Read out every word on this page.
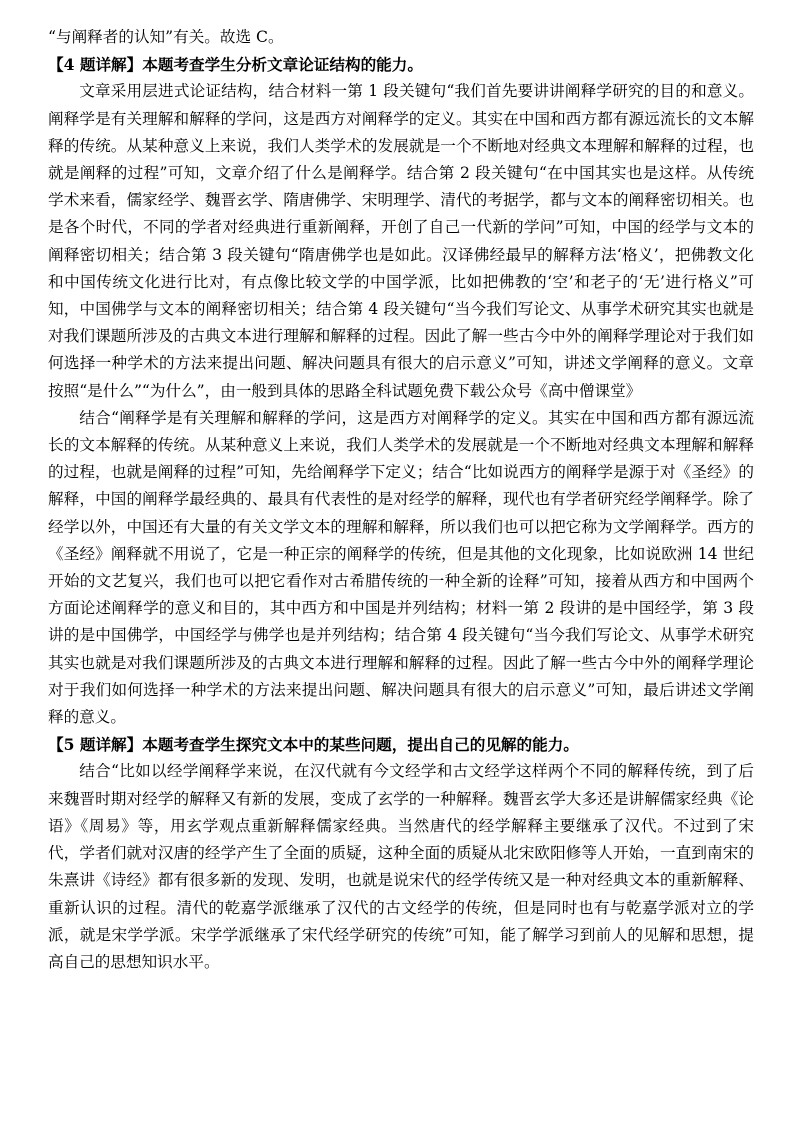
“与阐释者的认知”有关。故选 C。

【4 题详解】本题考查学生分析文章论证结构的能力。

文章采用层进式论证结构，结合材料一第 1 段关键句“我们首先要讲讲阐释学研究的目的和意义。阐释学是有关理解和解释的学问，这是西方对阐释学的定义。其实在中国和西方都有源远流长的文本解释的传统。从某种意义上来说，我们人类学术的发展就是一个不断地对经典文本理解和解释的过程，也就是阐释的过程”可知，文章介绍了什么是阐释学。结合第 2 段关键句“在中国其实也是这样。从传统学术来看，儒家经学、魏晋玄学、隋唐佛学、宋明理学、清代的考据学，都与文本的阐释密切相关。也是各个时代，不同的学者对经典进行重新阐释，开创了自己一代新的学问”可知，中国的经学与文本的阐释密切相关；结合第 3 段关键句“隋唐佛学也是如此。汉译佛经最早的解释方法‘格义’，把佛教文化和中国传统文化进行比对，有点像比较文学的中国学派，比如把佛教的‘空’和老子的‘无’进行格义”可知，中国佛学与文本的阐释密切相关；结合第 4 段关键句“当今我们写论文、从事学术研究其实也就是对我们课题所涉及的古典文本进行理解和解释的过程。因此了解一些古今中外的阐释学理论对于我们如何选择一种学术的方法来提出问题、解决问题具有很大的启示意义”可知，讲述文学阐释的意义。文章按照“是什么”“为什么”，由一般到具体的思路全科试题免费下载公众号《高中僧课堂》

结合“阐释学是有关理解和解释的学问，这是西方对阐释学的定义。其实在中国和西方都有源远流长的文本解释的传统。从某种意义上来说，我们人类学术的发展就是一个不断地对经典文本理解和解释的过程，也就是阐释的过程”可知，先给阐释学下定义；结合“比如说西方的阐释学是源于对《圣经》的解释，中国的阐释学最经典的、最具有代表性的是对经学的解释，现代也有学者研究经学阐释学。除了经学以外，中国还有大量的有关文学文本的理解和解释，所以我们也可以把它称为文学阐释学。西方的《圣经》阐释就不用说了，它是一种正宗的阐释学的传统，但是其他的文化现象，比如说欧洲 14 世纪开始的文艺复兴，我们也可以把它看作对古希腊传统的一种全新的诠释”可知，接着从西方和中国两个方面论述阐释学的意义和目的，其中西方和中国是并列结构；材料一第 2 段讲的是中国经学，第 3 段讲的是中国佛学，中国经学与佛学也是并列结构；结合第 4 段关键句“当今我们写论文、从事学术研究其实也就是对我们课题所涉及的古典文本进行理解和解释的过程。因此了解一些古今中外的阐释学理论对于我们如何选择一种学术的方法来提出问题、解决问题具有很大的启示意义”可知，最后讲述文学阐释的意义。

【5 题详解】本题考查学生探究文本中的某些问题，提出自己的见解的能力。

结合“比如以经学阐释学来说，在汉代就有今文经学和古文经学这样两个不同的解释传统，到了后来魏晋时期对经学的解释又有新的发展，变成了玄学的一种解释。魏晋玄学大多还是讲解儒家经典《论语》《周易》等，用玄学观点重新解释儒家经典。当然唐代的经学解释主要继承了汉代。不过到了宋代，学者们就对汉唐的经学产生了全面的质疑，这种全面的质疑从北宋欧阳修等人开始，一直到南宋的朱熹讲《诗经》都有很多新的发现、发明，也就是说宋代的经学传统又是一种对经典文本的重新解释、重新认识的过程。清代的乾嘉学派继承了汉代的古文经学的传统，但是同时也有与乾嘉学派对立的学派，就是宋学学派。宋学学派继承了宋代经学研究的传统”可知，能了解学习到前人的见解和思想，提高自己的思想知识水平。
